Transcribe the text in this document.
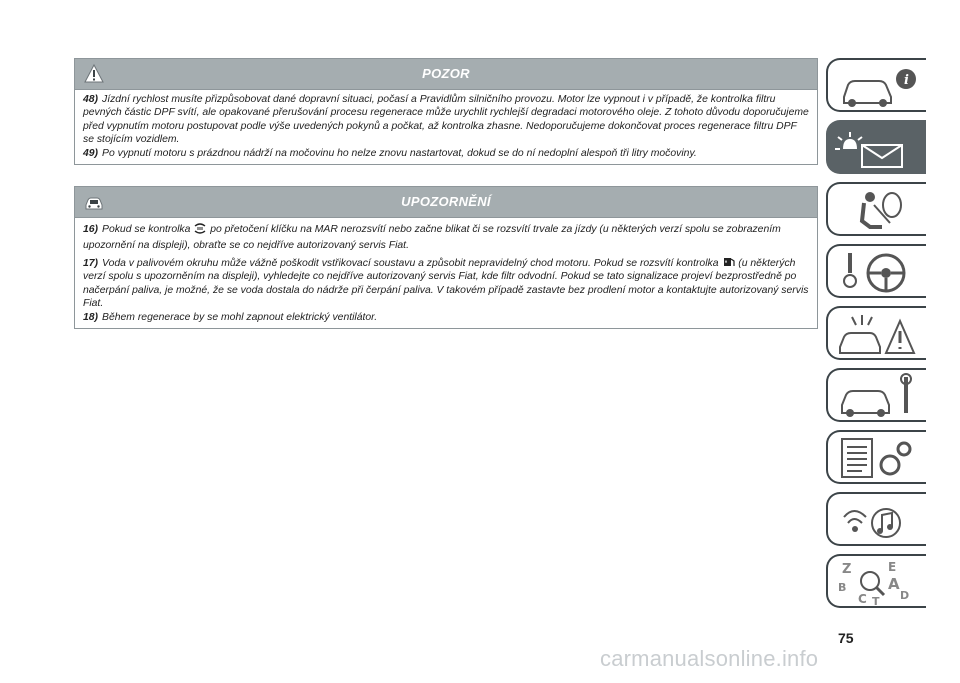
POZOR

48) Jízdní rychlost musíte přizpůsobovat dané dopravní situaci, počasí a Pravidlům silničního provozu. Motor lze vypnout i v případě, že kontrolka filtru pevných částic DPF svítí, ale opakované přerušování procesu regenerace může urychlit rychlejší degradaci motorového oleje. Z tohoto důvodu doporučujeme před vypnutím motoru postupovat podle výše uvedených pokynů a počkat, až kontrolka zhasne. Nedoporučujeme dokončovat proces regenerace filtru DPF se stojícím vozidlem.

49) Po vypnutí motoru s prázdnou nádrží na močovinu ho nelze znovu nastartovat, dokud se do ní nedoplní alespoň tři litry močoviny.

UPOZORNĚNÍ

16) Pokud se kontrolka po přetočení klíčku na MAR nerozsvítí nebo začne blikat či se rozsvítí trvale za jízdy (u některých verzí spolu se zobrazením upozornění na displeji), obraťte se co nejdříve autorizovaný servis Fiat.

17) Voda v palivovém okruhu může vážně poškodit vstřikovací soustavu a způsobit nepravidelný chod motoru. Pokud se rozsvítí kontrolka (u některých verzí spolu s upozorněním na displeji), vyhledejte co nejdříve autorizovaný servis Fiat, kde filtr odvodní. Pokud se tato signalizace projeví bezprostředně po načerpání paliva, je možné, že se voda dostala do nádrže při čerpání paliva. V takovém případě zastavte bez prodlení motor a kontaktujte autorizovaný servis Fiat.

18) Během regenerace by se mohl zapnout elektrický ventilátor.

i
Z	E
B	A
C	D
T
75
carmanualsonline.info
